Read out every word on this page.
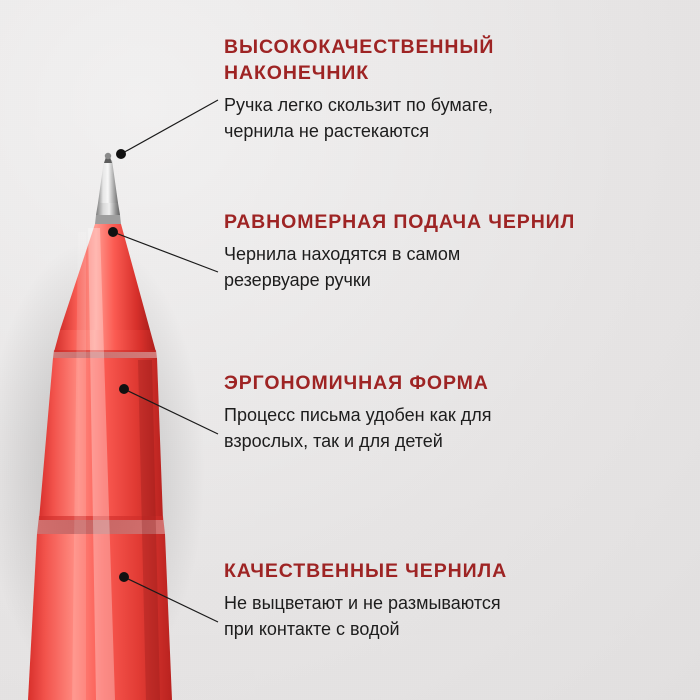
ВЫСОКОКАЧЕСТВЕННЫЙ
НАКОНЕЧНИК
Ручка легко скользит по бумаге,
чернила не растекаются
РАВНОМЕРНАЯ ПОДАЧА ЧЕРНИЛ
Чернила находятся в самом
резервуаре ручки
ЭРГОНОМИЧНАЯ ФОРМА
Процесс письма удобен как для
взрослых, так и для детей
КАЧЕСТВЕННЫЕ ЧЕРНИЛА
Не выцветают и не размываются
при контакте с водой
